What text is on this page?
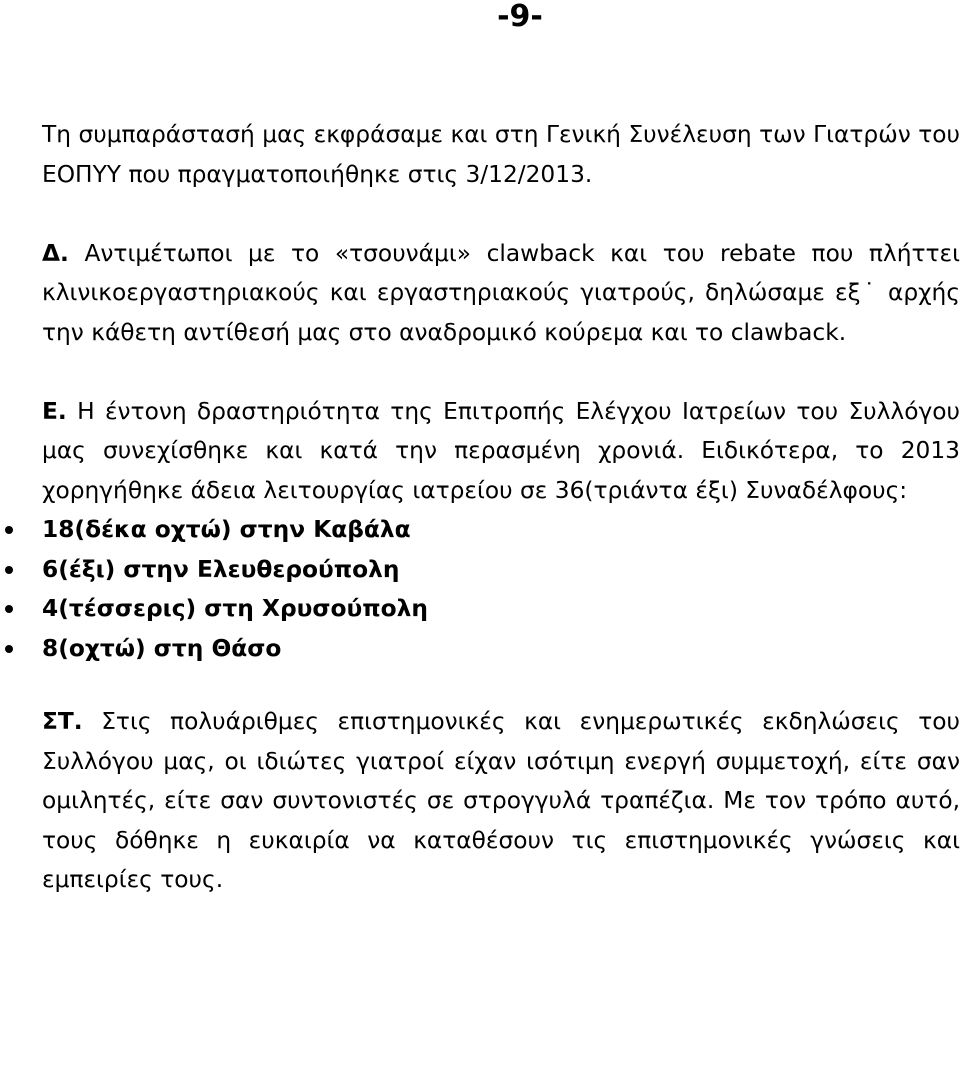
-9-

Τη συμπαράστασή μας εκφράσαμε και στη Γενική Συνέλευση των Γιατρών του ΕΟΠΥΥ που πραγματοποιήθηκε στις 3/12/2013.

Δ. Αντιμέτωποι με το «τσουνάμι» clawback και του rebate που πλήττει κλινικοεργαστηριακούς και εργαστηριακούς γιατρούς, δηλώσαμε εξ˙ αρχής την κάθετη αντίθεσή μας στο αναδρομικό κούρεμα και το clawback.

Ε. Η έντονη δραστηριότητα της Επιτροπής Ελέγχου Ιατρείων του Συλλόγου μας συνεχίσθηκε και κατά την περασμένη χρονιά. Ειδικότερα, το 2013 χορηγήθηκε άδεια λειτουργίας ιατρείου σε 36(τριάντα έξι) Συναδέλφους:

18(δέκα οχτώ) στην Καβάλα
6(έξι) στην Ελευθερούπολη
4(τέσσερις) στη Χρυσούπολη
8(οχτώ) στη Θάσο

ΣΤ. Στις πολυάριθμες επιστημονικές και ενημερωτικές εκδηλώσεις του Συλλόγου μας, οι ιδιώτες γιατροί είχαν ισότιμη ενεργή συμμετοχή, είτε σαν ομιλητές, είτε σαν συντονιστές σε στρογγυλά τραπέζια. Με τον τρόπο αυτό, τους δόθηκε η ευκαιρία να καταθέσουν τις επιστημονικές γνώσεις και εμπειρίες τους.
